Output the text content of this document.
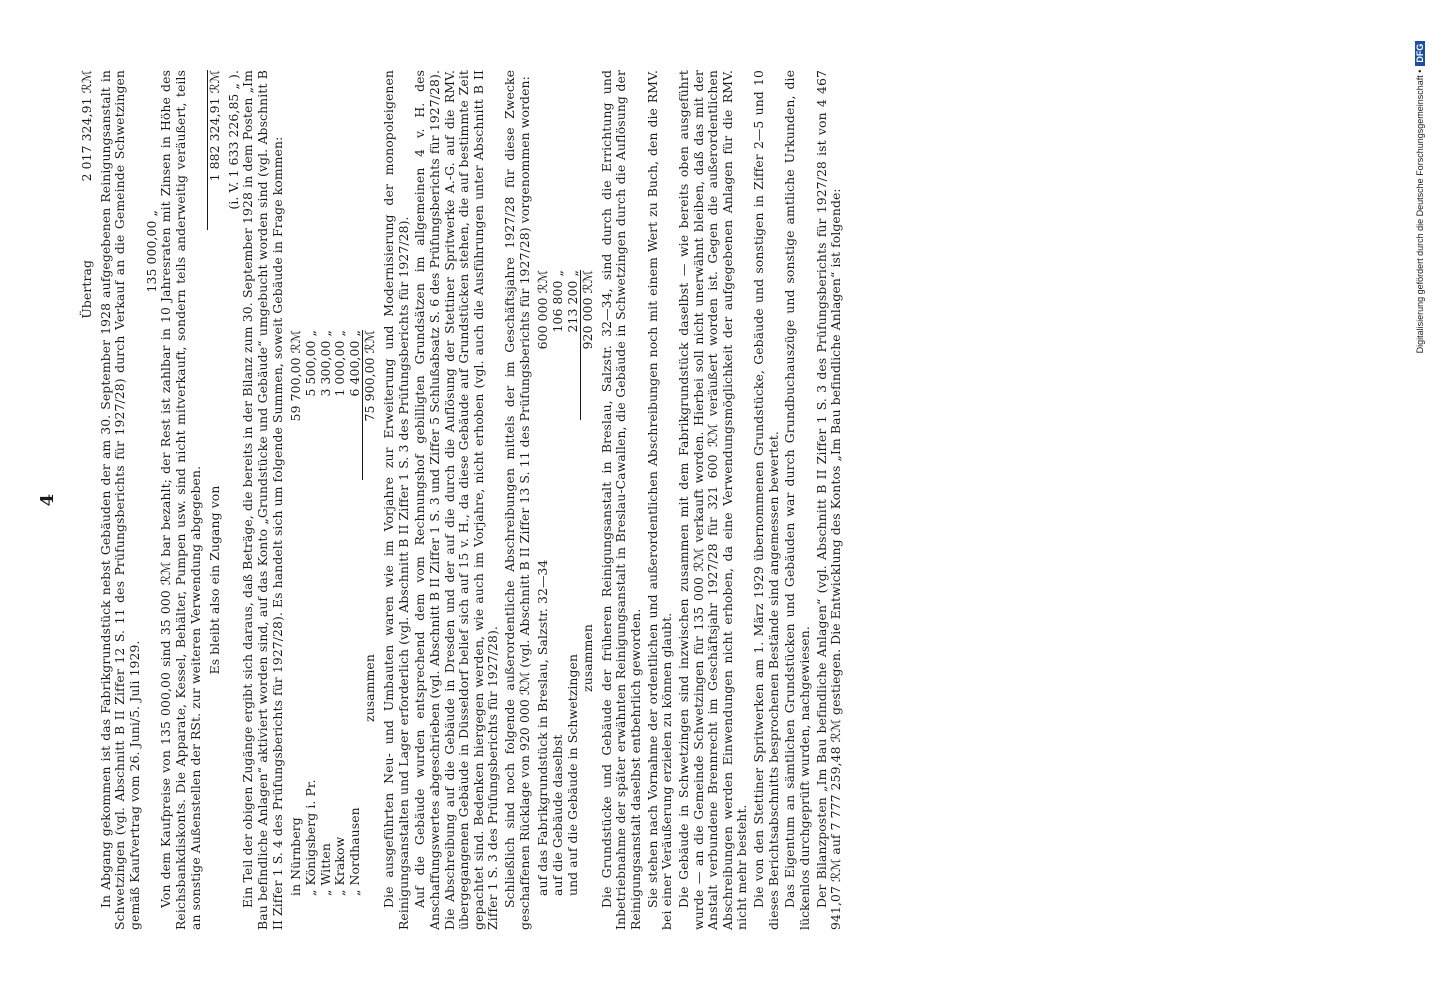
4
Übertrag
2 017 324,91 ℛℳ In Abgang gekommen ist das Fabrikgrundstück nebst Gebäuden der am 30. September 1928 aufgegebenen Reinigungsanstalt in Schwetzingen (vgl. Abschnitt B II Ziffer 12 S. 11 des Prüfungsberichts für 1927/28) durch Verkauf an die Gemeinde Schwetzingen gemäß Kaufvertrag vom 26. Juni/5. Juli 1929.

135 000,00 „ Von dem Kaufpreise von 135 000,00 sind 35 000 ℛℳ bar bezahlt; der Rest ist zahlbar in 10 Jahresraten mit Zinsen in Höhe des Reichsbankdiskonts. Die Apparate, Kessel, Behälter, Pumpen usw. sind nicht mitverkauft, sondern teils anderweitig veräußert, teils an sonstige Außenstellen der RSt. zur weiteren Verwendung abgegeben. Es bleibt also ein Zugang von
1 882 324,91 ℛℳ (i. V. 1 633 226,85 „ ). Ein Teil der obigen Zugänge ergibt sich daraus, daß Beträge, die bereits in der Bilanz zum 30. September 1928 in dem Posten „Im Bau befindliche Anlagen“ aktiviert worden sind, auf das Konto „Grundstücke und Gebäude“ umgebucht worden sind (vgl. Abschnitt B II Ziffer 1 S. 4 des Prüfungsberichts für 1927/28). Es handelt sich um folgende Summen, soweit Gebäude in Frage kommen: in Nürnberg
59 700,00 ℛℳ
„ Königsberg i. Pr.
5 500,00 „
„ Witten
3 300,00 „
„ Krakow
1 000,00 „
„ Nordhausen
6 400,00 „
zusammen
75 900,00 ℛℳ Die ausgeführten Neu- und Umbauten waren wie im Vorjahre zur Erweiterung und Modernisierung der monopoleigenen Reinigungsanstalten und Lager erforderlich (vgl. Abschnitt B II Ziffer 1 S. 3 des Prüfungsberichts für 1927/28). Auf die Gebäude wurden entsprechend dem vom Rechnungshof gebilligten Grundsätzen im allgemeinen 4 v. H. des Anschaffungswertes abgeschrieben (vgl. Abschnitt B II Ziffer 1 S. 3 und Ziffer 5 Schlußabsatz S. 6 des Prüfungsberichts für 1927/28). Die Abschreibung auf die Gebäude in Dresden und der auf die durch die Auflösung der Stettiner Spritwerke A.-G. auf die RMV. übergegangenen Gebäude in Düsseldorf belief sich auf 15 v. H., da diese Gebäude auf Grundstücken stehen, die auf bestimmte Zeit gepachtet sind. Bedenken hiergegen werden, wie auch im Vorjahre, nicht erhoben (vgl. auch die Ausführungen unter Abschnitt B II Ziffer 1 S. 3 des Prüfungsberichts für 1927/28). Schließlich sind noch folgende außerordentliche Abschreibungen mittels der im Geschäftsjahre 1927/28 für diese Zwecke geschaffenen Rücklage von 920 000 ℛℳ (vgl. Abschnitt B II Ziffer 13 S. 11 des Prüfungsberichts für 1927/28) vorgenommen worden: auf das Fabrikgrundstück in Breslau, Salzstr. 32—34
600 000 ℛℳ
auf die Gebäude daselbst
106 800 „
und auf die Gebäude in Schwetzingen
213 200 „
zusammen
920 000 ℛℳ Die Grundstücke und Gebäude der früheren Reinigungsanstalt in Breslau, Salzstr. 32—34, sind durch die Errichtung und Inbetriebnahme der später erwähnten Reinigungsanstalt in Breslau-Cawallen, die Gebäude in Schwetzingen durch die Auflösung der Reinigungsanstalt daselbst entbehrlich geworden. Sie stehen nach Vornahme der ordentlichen und außerordentlichen Abschreibungen noch mit einem Wert zu Buch, den die RMV. bei einer Veräußerung erzielen zu können glaubt. Die Gebäude in Schwetzingen sind inzwischen zusammen mit dem Fabrikgrundstück daselbst — wie bereits oben ausgeführt wurde — an die Gemeinde Schwetzingen für 135 000 ℛℳ verkauft worden. Hierbei soll nicht unerwähnt bleiben, daß das mit der Anstalt verbundene Brennrecht im Geschäftsjahr 1927/28 für 321 600 ℛℳ veräußert worden ist. Gegen die außerordentlichen Abschreibungen werden Einwendungen nicht erhoben, da eine Verwendungsmöglichkeit der aufgegebenen Anlagen für die RMV. nicht mehr besteht. Die von den Stettiner Spritwerken am 1. März 1929 übernommenen Grundstücke, Gebäude und sonstigen in Ziffer 2—5 und 10 dieses Berichtsabschnitts besprochenen Bestände sind angemessen bewertet. Das Eigentum an sämtlichen Grundstücken und Gebäuden war durch Grundbuchauszüge und sonstige amtliche Urkunden, die lückenlos durchgeprüft wurden, nachgewiesen. Der Bilanzposten „Im Bau befindliche Anlagen“ (vgl. Abschnitt B II Ziffer 1 S. 3 des Prüfungsberichts für 1927/28 ist von 4 467 941,07 ℛℳ auf 7 777 259,48 ℛℳ gestiegen. Die Entwicklung des Kontos „Im Bau befindliche Anlagen“ ist folgende:	Digitalisierung gefördert durch die Deutsche Forschungsgemeinschaft •DFG
